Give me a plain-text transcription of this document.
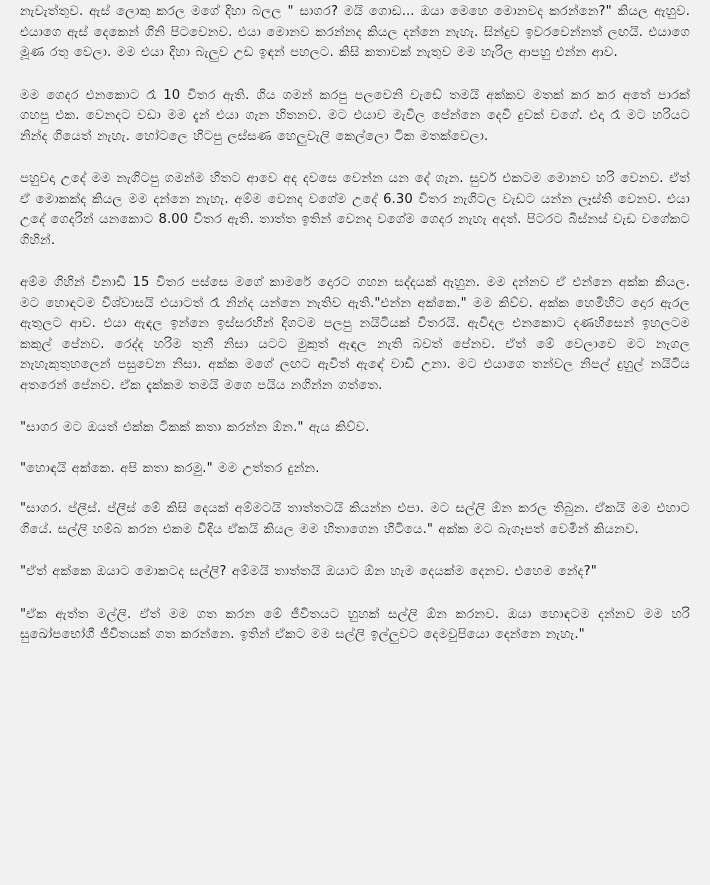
නැවැත්තුව. ඇස් ලොකු කරල මගේ දිහා බලල " සාගර? මයි ගොඩ... ඔයා මෙහෙ මොනවද කරන්නෙ?" කියල ඇහුව. එයාගෙ ඇස් දෙකෙන් ගිනි පිටවෙනව. එයා මොනව කරන්නද කියල දන්නෙ නැහැ. සින්දුව ඉවරවෙන්නත් ලඟයි. එයාගෙ මූණ රතු වෙලා. මම එයා දිහා බැලුව උඩ ඉඳන් පහලට. කිසි කතාවක් නැතුව මම හැරිල ආපහු එන්න ආව.

මම ගෙදර එනකොට රෑ 10 විතර ඇති. ගිය ගමන් කරපු පලවෙනි වැඩේ තමයි අක්කව මතක් කර කර අතේ පාරක් ගහපු එක. වෙනදට වඩා මම දැන් එයා ගැන හිතනව. මට එයාව මැවිල පේන්නෙ දෙවි දුවක් වගේ. එදා රෑ මට හරියට නින්ද ගියෙත් නැහැ. හෝටලෙ හිටපු ලස්සණ හෙලුවැලි කෙල්ලො ටික මතක්වෙලා.

පහුවදා උදේ මම නැගිටපු ගමන්ම හිතට ආවෙ අද දවසෙ වෙන්න යන දේ ගැන. සුවර් එකටම මොනව හරි වෙනව. ඒත් ඒ මොකක්ද කියල මම දන්නෙ නැහැ. අම්ම වෙනද වගේම උදේ 6.30 විතර නැගිටල වැඩට යන්න ලෑස්ති වෙනව. එයා උදේ ගෙදරින් යනකොට 8.00 විතර ඇති. තාත්ත ඉතින් වෙනද වගේම ගෙදර නැහැ අදත්. පිටරට බිස්නස් වැඩ වගේකට ගිහින්.

අම්ම ගිහින් විනාඩි 15 විතර පස්සෙ මගේ කාමරේ දොරට ගහන සද්දයක් ඇහුන. මම දන්නව ඒ එන්නෙ අක්ක කියල. මට හොඳටම විශ්වාසයි එයාටත් රෑ නින්ද යන්නෙ නැතිව ඇති."එන්න අක්කෙ." මම කිව්ව. අක්ක හෙමිහිට දොර ඇරල ඇතුලට ආව. එයා ඇඳල ඉන්නෙ ඉස්සරහින් දිගටම පලපු නයිටියක් විතරයි. ඇවිදල එනකොට දණහිසෙන් ඉහලටම කකුල් පේනව. රෙද්ද හරිම තුනී නිසා යටට මුකුත් ඇඳල නැති බවත් පේනව. ඒත් මේ වෙලාවෙ මට නැගල නැහැකුතුහලෙන් පසුවෙන නිසා. අක්ක මගේ ලඟට ඇවිත් ඇඳේ වාඩි උනා. මට එයාගෙ තන්වල නිපල් දුහුල් නයිටිය අතරෙන් පේනව. ඒක දැක්කම තමයි මගෙ පයිය නගින්න ගත්තෙ.

"සාගර මට ඔයත් එක්ක ටිකක් කතා කරන්න ඕන." ඇය කිව්ව.

"හොඳයි අක්කෙ. අපි කතා කරමු." මම උත්තර දුන්න.

"සාගර. ප්ලීස්. ප්ලීස් මේ කිසි දෙයක් අම්මටයි තාත්තටයි කියන්න එපා. මට සල්ලි ඕන කරල තිබුන. ඒකයි මම එහාට ගියේ. සල්ලි හම්බ කරන එකම විදිය ඒකයි කියල මම හිතාගෙන හිටියෙ." අක්ක මට බැගෑපත් වෙමින් කියනව.

"ඒත් අක්කෙ ඔයාට මොකටද සල්ලි? අම්මයි තාත්තයි ඔයාට ඕන හැම දෙයක්ම දෙනව. එහෙම නේද?"

"ඒක ඇත්ත මල්ලි. ඒත් මම ගත කරන මේ ජීවිතයට හුහක් සල්ලි ඕන කරනව. ඔයා හොඳටම දන්නව මම හරි සුඛෝපභෝගී ජීවිතයක් ගත කරන්නෙ. ඉතින් ඒකට මම සල්ලි ඉල්ලුවට දෙමවුපියො දෙන්නෙ නැහැ."
